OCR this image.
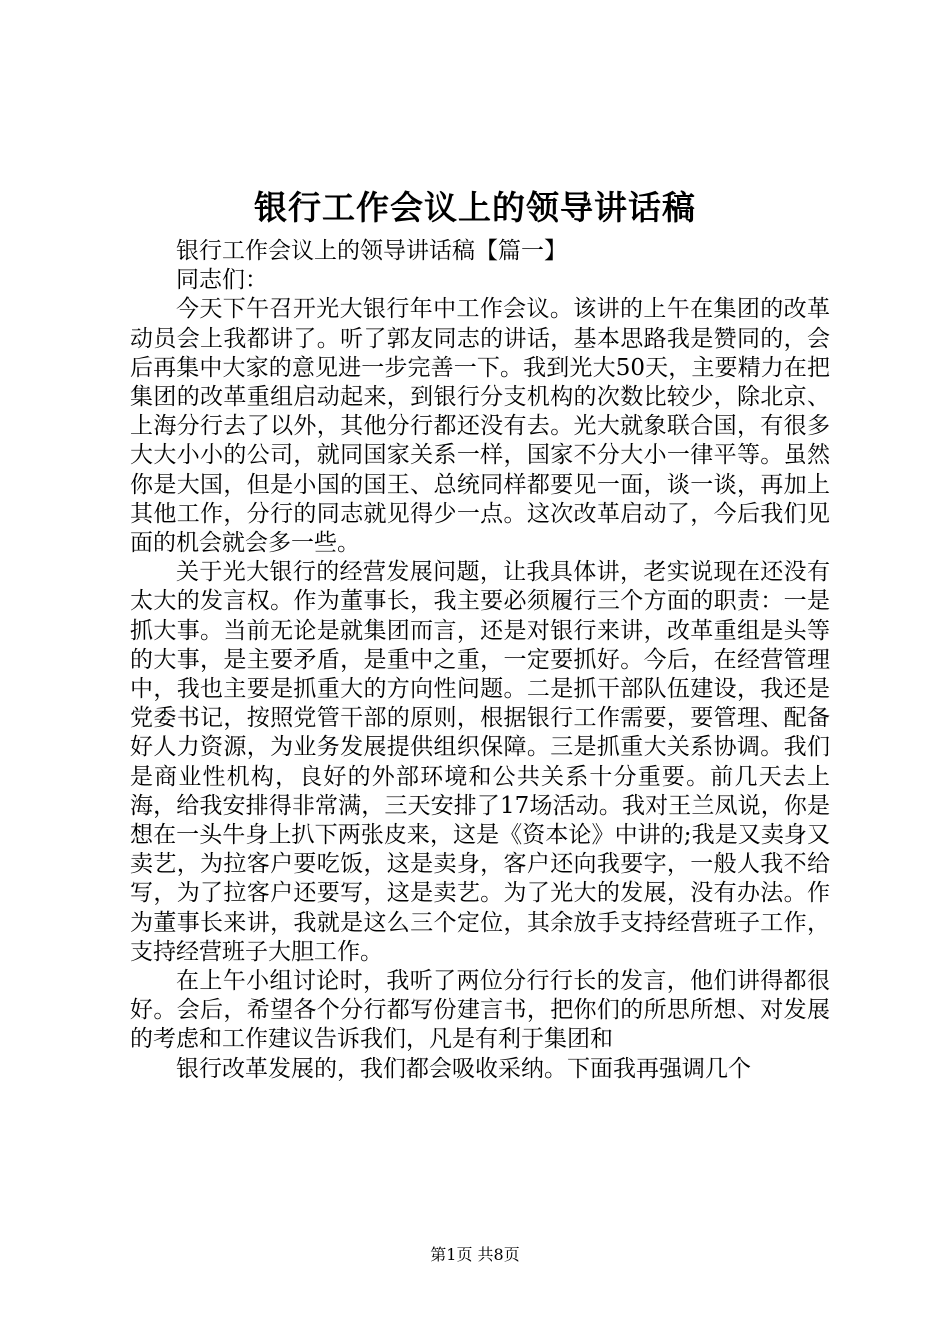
银行工作会议上的领导讲话稿

银行工作会议上的领导讲话稿【篇一】

同志们：

今天下午召开光大银行年中工作会议。该讲的上午在集团的改革动员会上我都讲了。听了郭友同志的讲话，基本思路我是赞同的，会后再集中大家的意见进一步完善一下。我到光大50天，主要精力在把集团的改革重组启动起来，到银行分支机构的次数比较少，除北京、上海分行去了以外，其他分行都还没有去。光大就象联合国，有很多大大小小的公司，就同国家关系一样，国家不分大小一律平等。虽然你是大国，但是小国的国王、总统同样都要见一面，谈一谈，再加上其他工作，分行的同志就见得少一点。这次改革启动了，今后我们见面的机会就会多一些。

关于光大银行的经营发展问题，让我具体讲，老实说现在还没有太大的发言权。作为董事长，我主要必须履行三个方面的职责：一是抓大事。当前无论是就集团而言，还是对银行来讲，改革重组是头等的大事，是主要矛盾，是重中之重，一定要抓好。今后，在经营管理中，我也主要是抓重大的方向性问题。二是抓干部队伍建设，我还是党委书记，按照党管干部的原则，根据银行工作需要，要管理、配备好人力资源，为业务发展提供组织保障。三是抓重大关系协调。我们是商业性机构，良好的外部环境和公共关系十分重要。前几天去上海，给我安排得非常满，三天安排了17场活动。我对王兰凤说，你是想在一头牛身上扒下两张皮来，这是《资本论》中讲的;我是又卖身又卖艺，为拉客户要吃饭，这是卖身，客户还向我要字，一般人我不给写，为了拉客户还要写，这是卖艺。为了光大的发展，没有办法。作为董事长来讲，我就是这么三个定位，其余放手支持经营班子工作，支持经营班子大胆工作。

在上午小组讨论时，我听了两位分行行长的发言，他们讲得都很好。会后，希望各个分行都写份建言书，把你们的所思所想、对发展的考虑和工作建议告诉我们，凡是有利于集团和

银行改革发展的，我们都会吸收采纳。下面我再强调几个

第1页 共8页
